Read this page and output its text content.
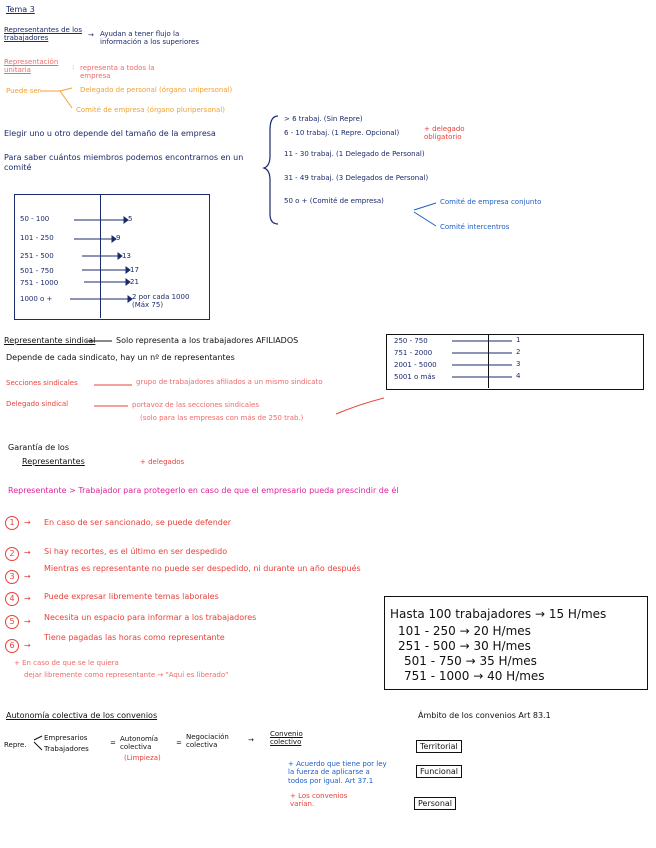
Tema 3
Representantes de los trabajadores	→ Ayudan a tener flujo la información a los superiores
Representación unitaria	: representa a todos la empresa
Puede ser	Delegado de personal (órgano unipersonal)
Comité de empresa (órgano pluripersonal)
Elegir uno u otro depende del tamaño de la empresa
Para saber cuántos miembros podemos encontrarnos en un comité
> 6 trabaj. (Sin Repre)
6 - 10 trabaj. (1 Repre. Opcional)	+ delegado obligatorio
11 - 30 trabaj. (1 Delegado de Personal)
31 - 49 trabaj. (3 Delegados de Personal)
50 o + (Comité de empresa)	Comité de empresa conjunto
Comité intercentros
50 - 100	5
101 - 250	9
251 - 500	13
501 - 750	17
751 - 1000	21
1000 o +	2 por cada 1000 (Máx 75)
Representante sindical	Solo representa a los trabajadores AFILIADOS
Depende de cada sindicato, hay un nº de representantes
250 - 750	1
751 - 2000	2
2001 - 5000	3
5001 o más	4
Secciones sindicales	grupo de trabajadores afiliados a un mismo sindicato
Delegado sindical	portavoz de las secciones sindicales
(solo para las empresas con más de 250 trab.)
Garantía de los
Representantes	+ delegados
Representante > Trabajador para protegerlo en caso de que el empresario pueda prescindir de él
1	→ En caso de ser sancionado, se puede defender
2	→ Si hay recortes, es el último en ser despedido
3	→
Mientras es representante no puede ser despedido, ni durante un año después
4	→ Puede expresar libremente temas laborales
5	→ Necesita un espacio para informar a los trabajadores
6	→
Tiene pagadas las horas como representante
+ En caso de que se le quiera
dejar libremente como representante → "Aquí es liberado"
Hasta 100 trabajadores → 15 H/mes
101 - 250 → 20 H/mes
251 - 500 → 30 H/mes
501 - 750 → 35 H/mes
751 - 1000 → 40 H/mes
Autonomía colectiva de los convenios
Repre.
Empresarios
Trabajadores
= Autonomía colectiva
(Limpieza)
=
Negociación colectiva
→
Convenio colectivo
+ Acuerdo que tiene por ley la fuerza de aplicarse a todos por igual. Art 37.1
+ Los convenios varían.
Ámbito de los convenios Art 83.1
Territorial
Funcional
Personal
